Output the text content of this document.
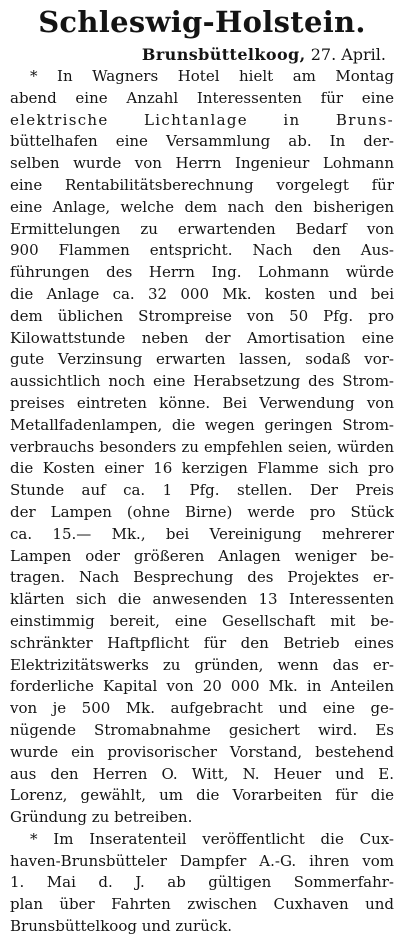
Schleswig-Holstein.

Brunsbüttelkoog, 27. April.

* In Wagners Hotel hielt am Montag
abend eine Anzahl Interessenten für eine
elektrische Lichtanlage in Bruns-
büttelhafen eine Versammlung ab. In der-
selben wurde von Herrn Ingenieur Lohmann
eine Rentabilitätsberechnung vorgelegt für
eine Anlage, welche dem nach den bisherigen
Ermittelungen zu erwartenden Bedarf von
900 Flammen entspricht. Nach den Aus-
führungen des Herrn Ing. Lohmann würde
die Anlage ca. 32 000 Mk. kosten und bei
dem üblichen Strompreise von 50 Pfg. pro
Kilowattstunde neben der Amortisation eine
gute Verzinsung erwarten lassen, sodaß vor-
aussichtlich noch eine Herabsetzung des Strom-
preises eintreten könne. Bei Verwendung von
Metallfadenlampen, die wegen geringen Strom-
verbrauchs besonders zu empfehlen seien, würden
die Kosten einer 16 kerzigen Flamme sich pro
Stunde auf ca. 1 Pfg. stellen. Der Preis
der Lampen (ohne Birne) werde pro Stück
ca. 15.— Mk., bei Vereinigung mehrerer
Lampen oder größeren Anlagen weniger be-
tragen. Nach Besprechung des Projektes er-
klärten sich die anwesenden 13 Interessenten
einstimmig bereit, eine Gesellschaft mit be-
schränkter Haftpflicht für den Betrieb eines
Elektrizitätswerks zu gründen, wenn das er-
forderliche Kapital von 20 000 Mk. in Anteilen
von je 500 Mk. aufgebracht und eine ge-
nügende Stromabnahme gesichert wird. Es
wurde ein provisorischer Vorstand, bestehend
aus den Herren O. Witt, N. Heuer und E.
Lorenz, gewählt, um die Vorarbeiten für die
Gründung zu betreiben.
* Im Inseratenteil veröffentlicht die Cux-
haven-Brunsbütteler Dampfer A.-G. ihren vom
1. Mai d. J. ab gültigen Sommerfahr-
plan über Fahrten zwischen Cuxhaven und
Brunsbüttelkoog und zurück.
